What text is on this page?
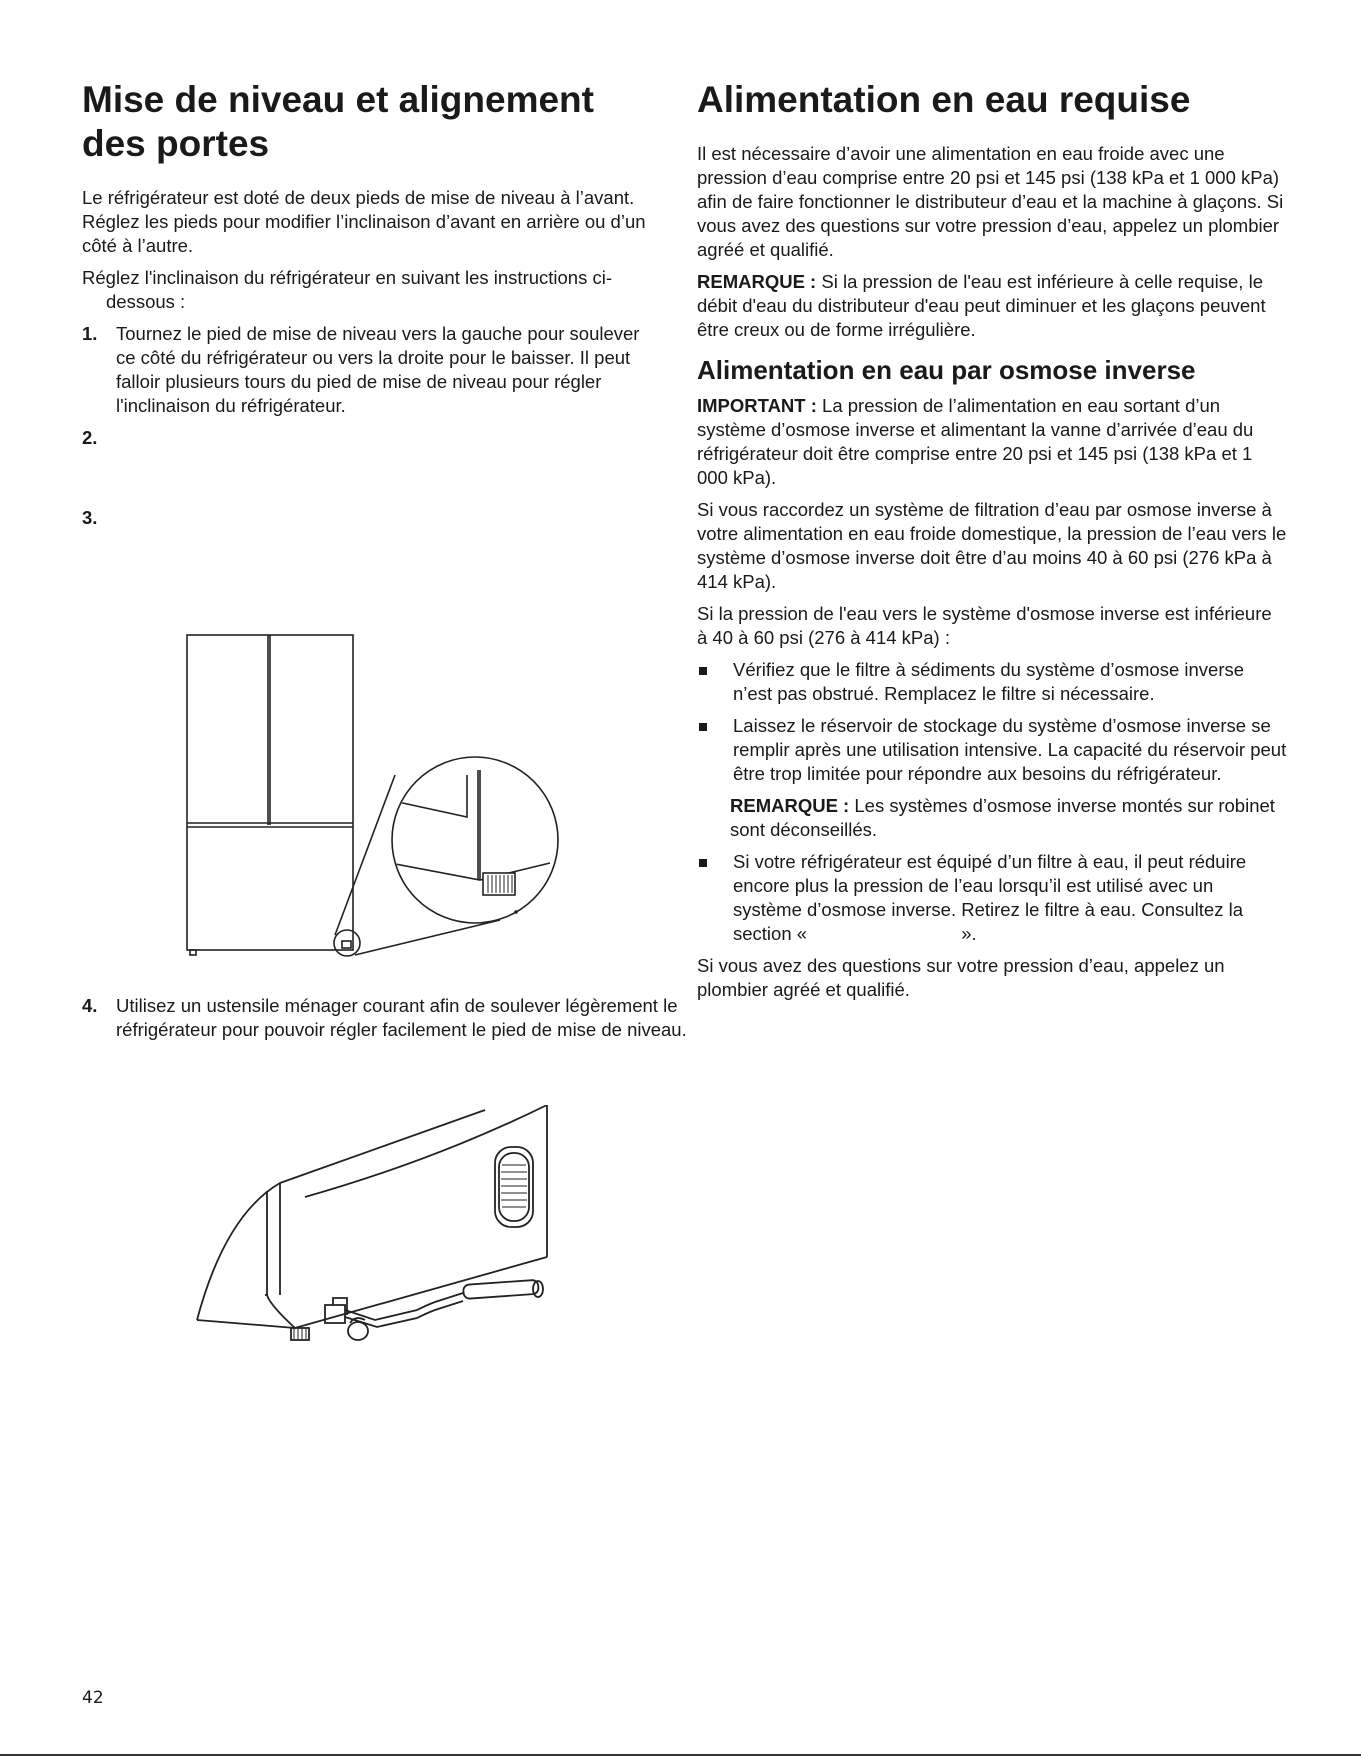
Mise de niveau et alignement des portes

Le réfrigérateur est doté de deux pieds de mise de niveau à l’avant. Réglez les pieds pour modifier l’inclinaison d’avant en arrière ou d’un côté à l’autre.

Réglez l'inclinaison du réfrigérateur en suivant les instructions ci-dessous :

1. Tournez le pied de mise de niveau vers la gauche pour soulever ce côté du réfrigérateur ou vers la droite pour le baisser. Il peut falloir plusieurs tours du pied de mise de niveau pour régler l'inclinaison du réfrigérateur.
2.
3.
4. Utilisez un ustensile ménager courant afin de soulever légèrement le réfrigérateur pour pouvoir régler facilement le pied de mise de niveau.
Alimentation en eau requise

Il est nécessaire d’avoir une alimentation en eau froide avec une pression d’eau comprise entre 20 psi et 145 psi (138 kPa et 1 000 kPa) afin de faire fonctionner le distributeur d’eau et la machine à glaçons. Si vous avez des questions sur votre pression d’eau, appelez un plombier agréé et qualifié.

REMARQUE : Si la pression de l'eau est inférieure à celle requise, le débit d'eau du distributeur d'eau peut diminuer et les glaçons peuvent être creux ou de forme irrégulière.

Alimentation en eau par osmose inverse

IMPORTANT : La pression de l’alimentation en eau sortant d’un système d’osmose inverse et alimentant la vanne d’arrivée d’eau du réfrigérateur doit être comprise entre 20 psi et 145 psi (138 kPa et 1 000 kPa).

Si vous raccordez un système de filtration d’eau par osmose inverse à votre alimentation en eau froide domestique, la pression de l’eau vers le système d’osmose inverse doit être d’au moins 40 à 60 psi (276 kPa à 414 kPa).

Si la pression de l'eau vers le système d'osmose inverse est inférieure à 40 à 60 psi (276 à 414 kPa) :

Vérifiez que le filtre à sédiments du système d’osmose inverse n’est pas obstrué. Remplacez le filtre si nécessaire.
Laissez le réservoir de stockage du système d’osmose inverse se remplir après une utilisation intensive. La capacité du réservoir peut être trop limitée pour répondre aux besoins du réfrigérateur.
REMARQUE : Les systèmes d’osmose inverse montés sur robinet sont déconseillés.
Si votre réfrigérateur est équipé d’un filtre à eau, il peut réduire encore plus la pression de l’eau lorsqu’il est utilisé avec un système d’osmose inverse. Retirez le filtre à eau. Consultez la section «                              ».

Si vous avez des questions sur votre pression d’eau, appelez un plombier agréé et qualifié.

42
